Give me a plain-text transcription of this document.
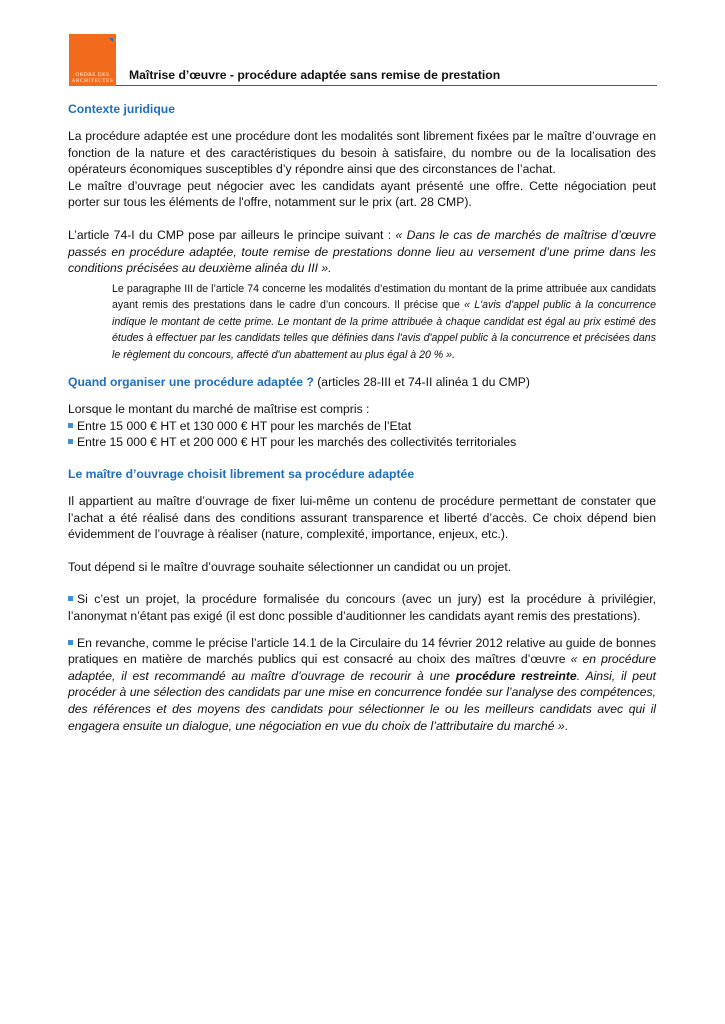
ORDRE DES
ARCHITECTES Maîtrise d’œuvre - procédure adaptée sans remise de prestation
Contexte juridique

La procédure adaptée est une procédure dont les modalités sont librement fixées par le maître d’ouvrage en fonction de la nature et des caractéristiques du besoin à satisfaire, du nombre ou de la localisation des opérateurs économiques susceptibles d’y répondre ainsi que des circonstances de l’achat.

Le maître d’ouvrage peut négocier avec les candidats ayant présenté une offre. Cette négociation peut porter sur tous les éléments de l'offre, notamment sur le prix (art. 28 CMP).

L’article 74-I du CMP pose par ailleurs le principe suivant : « Dans le cas de marchés de maîtrise d’œuvre passés en procédure adaptée, toute remise de prestations donne lieu au versement d’une prime dans les conditions précisées au deuxième alinéa du III ».

Le paragraphe III de l’article 74 concerne les modalités d’estimation du montant de la prime attribuée aux candidats ayant remis des prestations dans le cadre d’un concours. Il précise que « L'avis d'appel public à la concurrence indique le montant de cette prime. Le montant de la prime attribuée à chaque candidat est égal au prix estimé des études à effectuer par les candidats telles que définies dans l'avis d'appel public à la concurrence et précisées dans le règlement du concours, affecté d'un abattement au plus égal à 20 % ».
Quand organiser une procédure adaptée ? (articles 28-III et 74-II alinéa 1 du CMP)

Lorsque le montant du marché de maîtrise est compris :

Entre 15 000 € HT et 130 000 € HT pour les marchés de l’Etat
Entre 15 000 € HT et 200 000 € HT pour les marchés des collectivités territoriales
Le maître d’ouvrage choisit librement sa procédure adaptée

Il appartient au maître d’ouvrage de fixer lui-même un contenu de procédure permettant de constater que l’achat a été réalisé dans des conditions assurant transparence et liberté d’accès. Ce choix dépend bien évidemment de l’ouvrage à réaliser (nature, complexité, importance, enjeux, etc.).

Tout dépend si le maître d’ouvrage souhaite sélectionner un candidat ou un projet.

Si c’est un projet, la procédure formalisée du concours (avec un jury) est la procédure à privilégier, l’anonymat n’étant pas exigé (il est donc possible d’auditionner les candidats ayant remis des prestations).

En revanche, comme le précise l’article 14.1 de la Circulaire du 14 février 2012 relative au guide de bonnes pratiques en matière de marchés publics qui est consacré au choix des maîtres d’œuvre « en procédure adaptée, il est recommandé au maître d’ouvrage de recourir à une procédure restreinte. Ainsi, il peut procéder à une sélection des candidats par une mise en concurrence fondée sur l’analyse des compétences, des références et des moyens des candidats pour sélectionner le ou les meilleurs candidats avec qui il engagera ensuite un dialogue, une négociation en vue du choix de l’attributaire du marché ».
